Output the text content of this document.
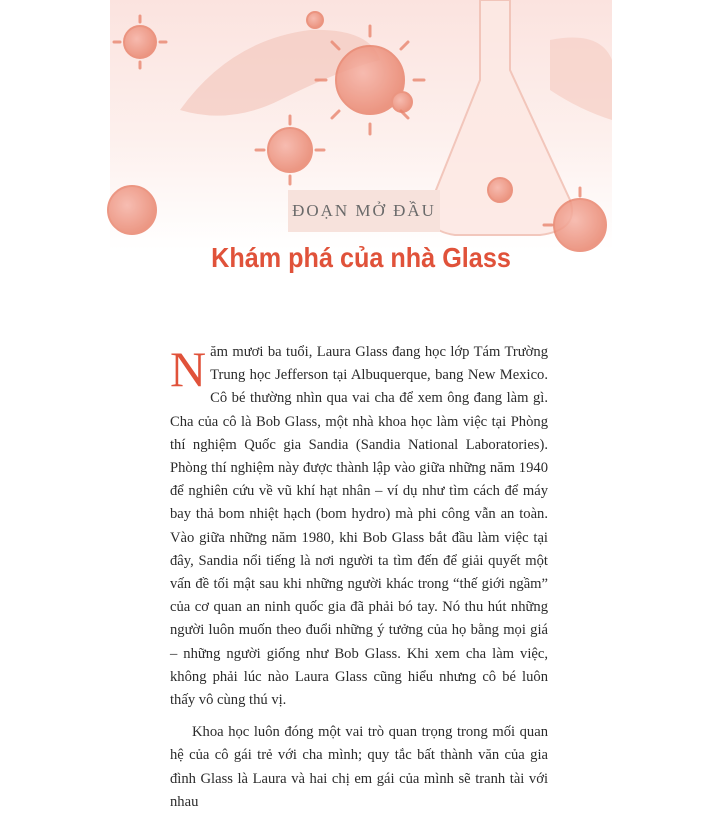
ĐOẠN MỞ ĐẦU
Khám phá của nhà Glass

Năm mươi ba tuổi, Laura Glass đang học lớp Tám Trường Trung học Jefferson tại Albuquerque, bang New Mexico. Cô bé thường nhìn qua vai cha để xem ông đang làm gì. Cha của cô là Bob Glass, một nhà khoa học làm việc tại Phòng thí nghiệm Quốc gia Sandia (Sandia National Laboratories). Phòng thí nghiệm này được thành lập vào giữa những năm 1940 để nghiên cứu về vũ khí hạt nhân – ví dụ như tìm cách để máy bay thả bom nhiệt hạch (bom hydro) mà phi công vẫn an toàn. Vào giữa những năm 1980, khi Bob Glass bắt đầu làm việc tại đây, Sandia nổi tiếng là nơi người ta tìm đến để giải quyết một vấn đề tối mật sau khi những người khác trong “thế giới ngầm” của cơ quan an ninh quốc gia đã phải bó tay. Nó thu hút những người luôn muốn theo đuổi những ý tưởng của họ bằng mọi giá – những người giống như Bob Glass. Khi xem cha làm việc, không phải lúc nào Laura Glass cũng hiểu nhưng cô bé luôn thấy vô cùng thú vị.

Khoa học luôn đóng một vai trò quan trọng trong mối quan hệ của cô gái trẻ với cha mình; quy tắc bất thành văn của gia đình Glass là Laura và hai chị em gái của mình sẽ tranh tài với nhau
